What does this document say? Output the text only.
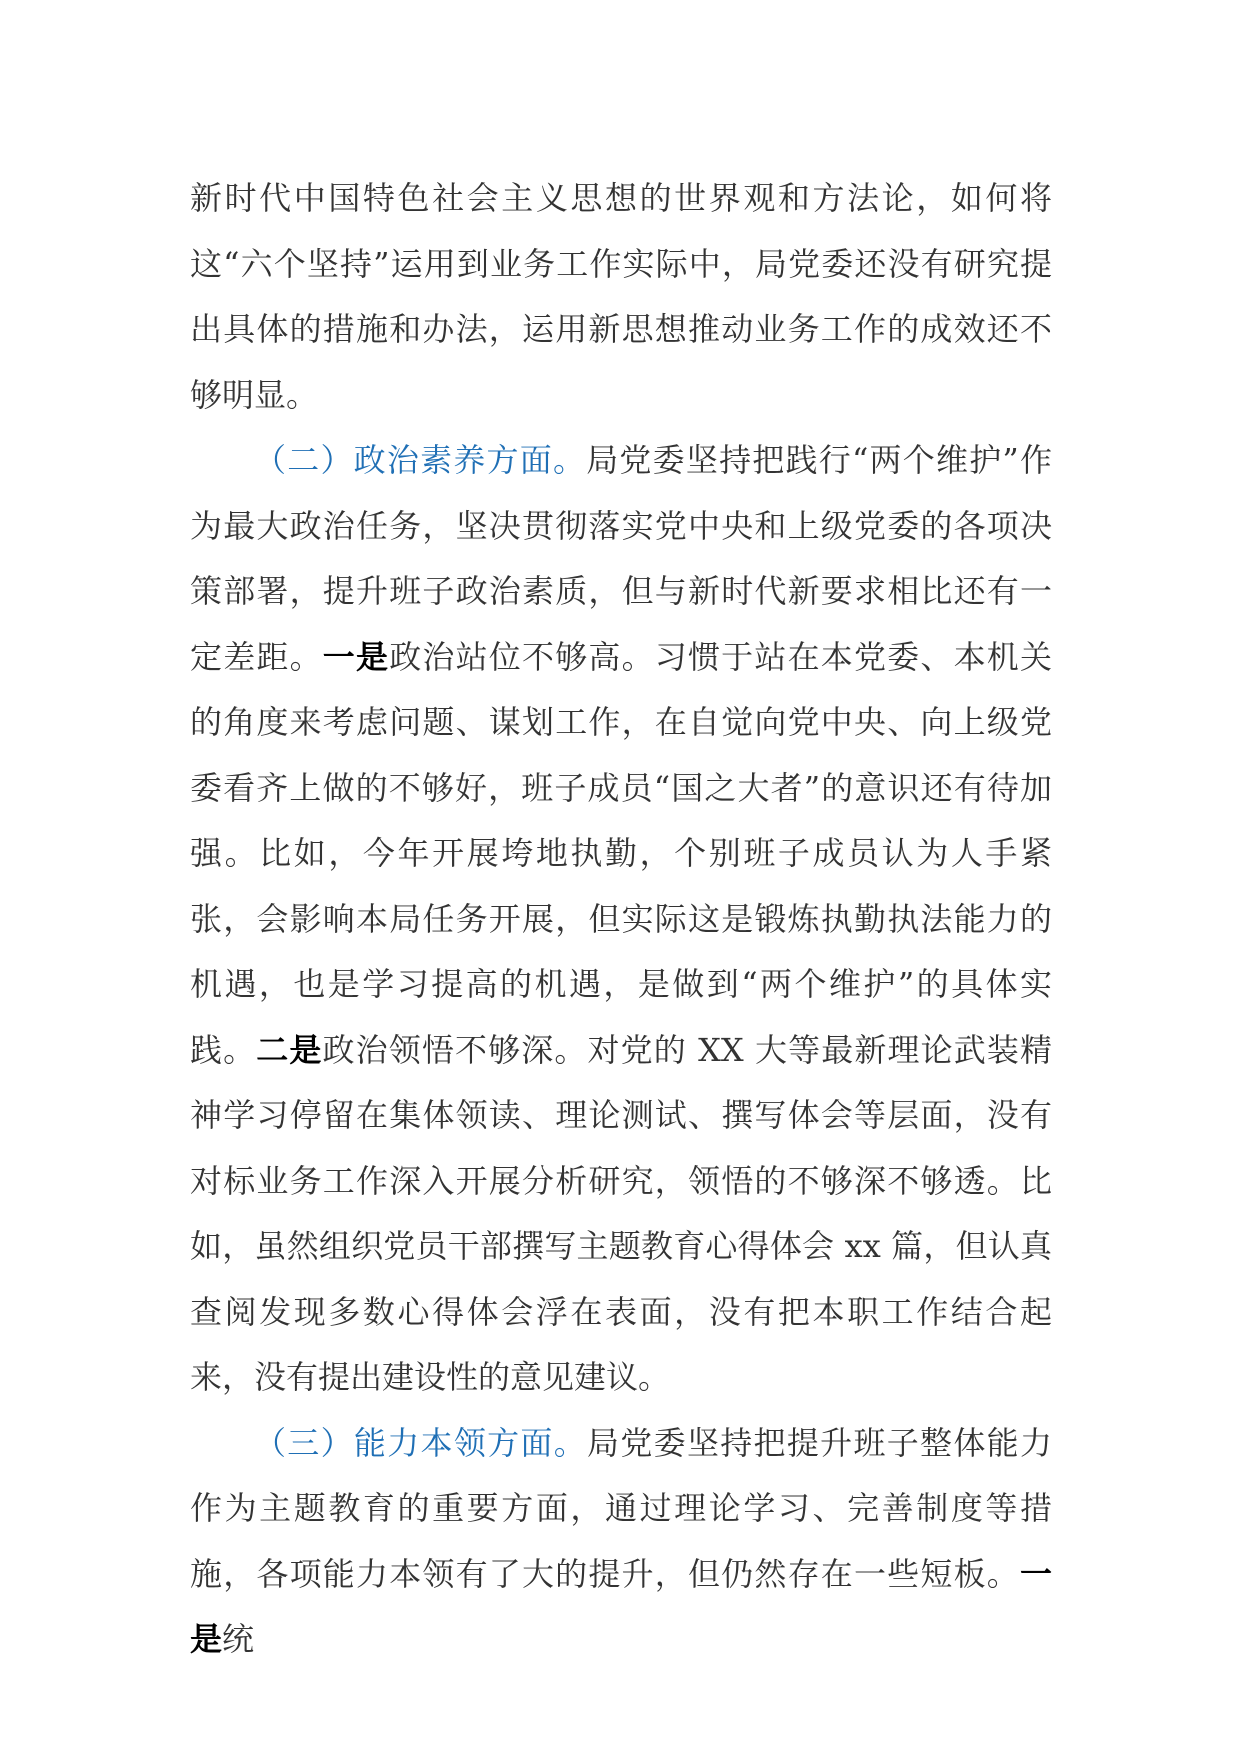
新时代中国特色社会主义思想的世界观和方法论，如何将这“六个坚持”运用到业务工作实际中，局党委还没有研究提出具体的措施和办法，运用新思想推动业务工作的成效还不够明显。

（二）政治素养方面。局党委坚持把践行“两个维护”作为最大政治任务，坚决贯彻落实党中央和上级党委的各项决策部署，提升班子政治素质，但与新时代新要求相比还有一定差距。一是政治站位不够高。习惯于站在本党委、本机关的角度来考虑问题、谋划工作，在自觉向党中央、向上级党委看齐上做的不够好，班子成员“国之大者”的意识还有待加强。比如，今年开展垮地执勤，个别班子成员认为人手紧张，会影响本局任务开展，但实际这是锻炼执勤执法能力的机遇，也是学习提高的机遇，是做到“两个维护”的具体实践。二是政治领悟不够深。对党的 XX 大等最新理论武装精神学习停留在集体领读、理论测试、撰写体会等层面，没有对标业务工作深入开展分析研究，领悟的不够深不够透。比如，虽然组织党员干部撰写主题教育心得体会 xx 篇，但认真查阅发现多数心得体会浮在表面，没有把本职工作结合起来，没有提出建设性的意见建议。

（三）能力本领方面。局党委坚持把提升班子整体能力作为主题教育的重要方面，通过理论学习、完善制度等措施，各项能力本领有了大的提升，但仍然存在一些短板。一是统
